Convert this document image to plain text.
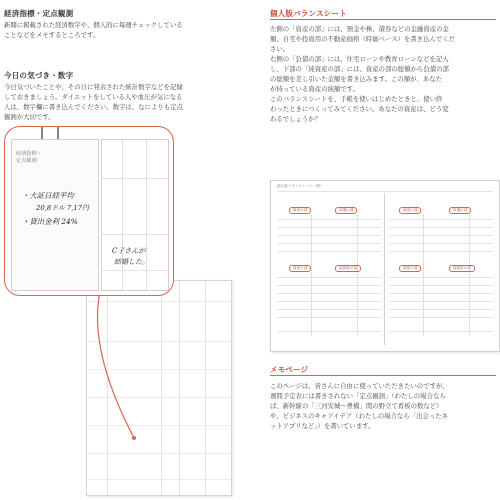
経済指標・定点観測
新聞に掲載された経済数字や、個人的に毎週チェックしている
ことなどをメモするところです。
今日の気づき・数字
今日気づいたことや、その日に発表された統計数字などを記録
しておきましょう。ダイエットをしている人や血圧が気になる
人は、数字欄に書き込んでください。数字は、なによりも定点
観測が大切です。
経済指標・
定点観測
・大証日経平均
20,8ドル 7,17円
・貸出金利 24%
C子さんが
結婚した。
個人版バランスシート
左側の「資産の部」には、預金や株、債券などの金融資産の金
額、自宅や投資用の不動産価格（時価ベース）を書き込んでくだ
さい。
右側の「負債の部」には、住宅ローンや教育ローンなどを記入
し、下部の「純資産の部」には、資産の部の総額から負債の部
の総額を差し引いた金額を書き込みます。この額が、あなた
が持っている資産の純額です。
このバランスシートを、手帳を使いはじめたときと、使い終
わったときにつくってみてください。あなたの資産は、どう変
わるでしょうか？
個人版バランスシート（例）
資産の部	負債の部
資産の部	純資産の部
資産の部	負債の部
資産の部	純資産の部
メモページ
このページは、皆さんに自由に使っていただきたいのですが、
週間予定表には書きされない「定点観測」（わたしの場合なら
ば、新幹線の「三河安城～豊橋」間の野立て看板の数など）
や、ビジネスのキャアイデア（わたしの場合なら「出会ったネ
ットアプリなど」）を書いています。
